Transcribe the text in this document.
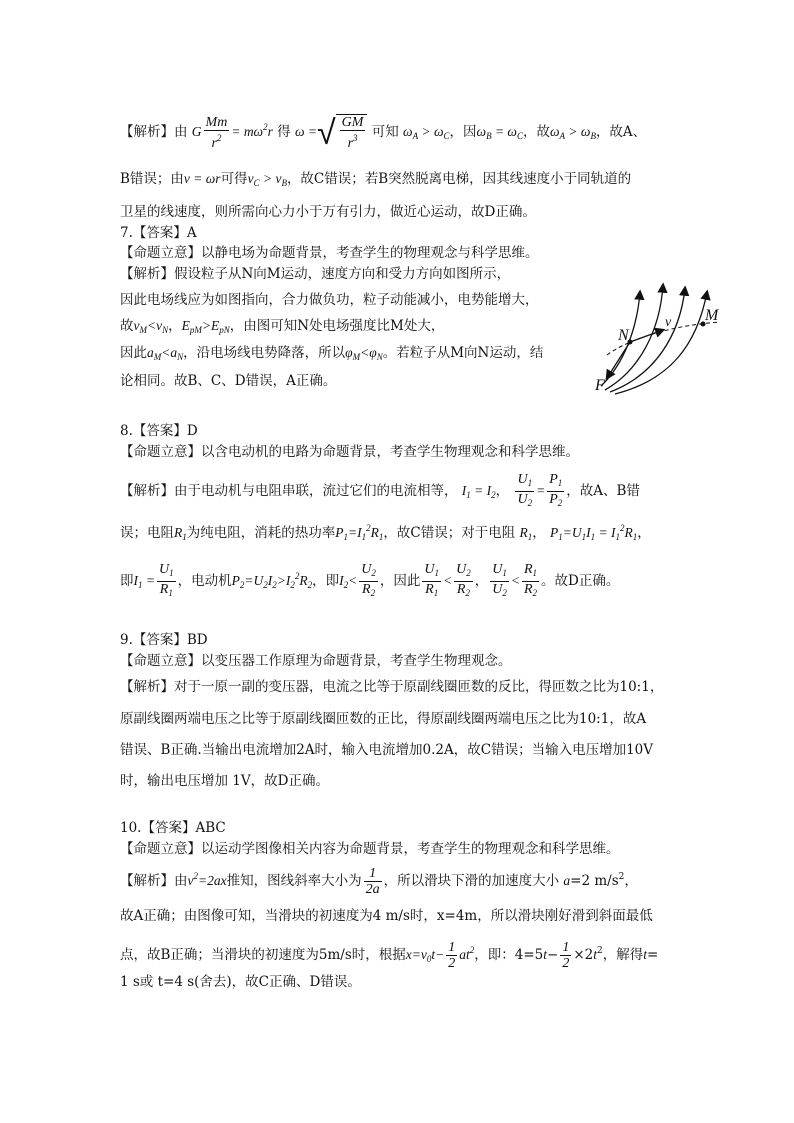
【解析】由 G $\frac{Mm}{r^2} = m\omega^2r$ 得 ω = √ $\frac{GM}{r^3}$ 可知 $\omega_A > \omega_C$，因$\omega_B = \omega_C$，故$\omega_A > \omega_B$，故A、
B错误；由v = ωr可得$v_C > v_B$，故C错误；若B突然脱离电梯，因其线速度小于同轨道的
卫星的线速度，则所需向心力小于万有引力，做近心运动，故D正确。
7.【答案】A
【命题立意】以静电场为命题背景，考查学生的物理观念与科学思维。
【解析】假设粒子从N向M运动，速度方向和受力方向如图所示，
因此电场线应为如图指向，合力做负功，粒子动能减小，电势能增大，
故$v_M<v_N$，$E_{pM}>E_{pN}$，由图可知N处电场强度比M处大，
因此$a_M<a_N$，沿电场线电势降落，所以$\varphi_M<\varphi_N$。若粒子从M向N运动，结
论相同。故B、C、D错误，A正确。
N
M
v
F
8.【答案】D
【命题立意】以含电动机的电路为命题背景，考查学生物理观念和科学思维。
【解析】由于电动机与电阻串联，流过它们的电流相等， $I_1 = I_2$， $\frac{U_1}{U_2} = \frac{P_1}{P_2}$ ，故A、B错
误；电阻$R_1$为纯电阻，消耗的热功率$P_1=I_1^2R_1$，故C错误；对于电阻 $R_1$， $P_1=U_1I_1 = I_1^2R_1$，
即$I_1 = \frac{U_1}{R_1}$ ，电动机$P_2=U_2I_2>I_2^2R_2$，即$I_2< \frac{U_2}{R_2}$ ，因此 $\frac{U_1}{R_1} < \frac{U_2}{R_2}$ ， $\frac{U_1}{U_2} < \frac{R_1}{R_2}$ 。故D正确。
9.【答案】BD
【命题立意】以变压器工作原理为命题背景，考查学生物理观念。
【解析】对于一原一副的变压器，电流之比等于原副线圈匝数的反比，得匝数之比为10:1，
原副线圈两端电压之比等于原副线圈匝数的正比，得原副线圈两端电压之比为10:1，故A
错误、B正确.当输出电流增加2A时，输入电流增加0.2A，故C错误；当输入电压增加10V
时，输出电压增加 1V，故D正确。
10.【答案】ABC
【命题立意】以运动学图像相关内容为命题背景，考查学生的物理观念和科学思维。
【解析】由$v^2=2ax$推知，图线斜率大小为 $\frac{1}{2a}$ ，所以滑块下滑的加速度大小 a=2 $m/s^2$，
故A正确；由图像可知，当滑块的初速度为4 m/s时，x=4m，所以滑块刚好滑到斜面最低
点，故B正确；当滑块的初速度为5m/s时，根据$x=v_0t- \frac{1}{2} at^2$，即：$4=5t- \frac{1}{2} \times 2t^2$，解得t=
1 s或 t=4 s(舍去)，故C正确、D错误。
